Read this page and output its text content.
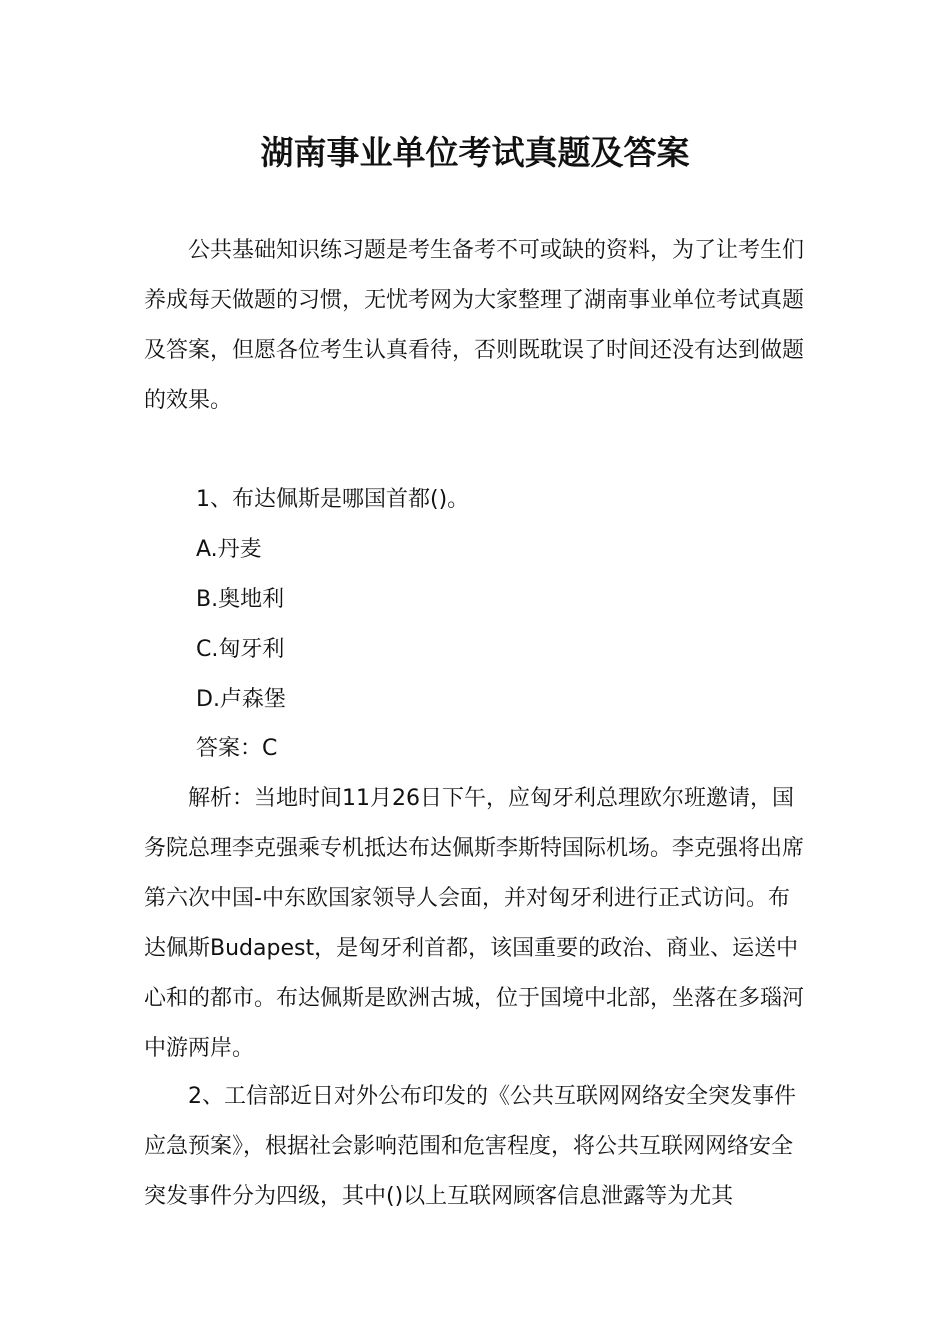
湖南事业单位考试真题及答案

公共基础知识练习题是考生备考不可或缺的资料，为了让考生们养成每天做题的习惯，无忧考网为大家整理了湖南事业单位考试真题及答案，但愿各位考生认真看待，否则既耽误了时间还没有达到做题的效果。

1、布达佩斯是哪国首都()。

A.丹麦

B.奥地利

C.匈牙利

D.卢森堡

答案：C

解析：当地时间11月26日下午，应匈牙利总理欧尔班邀请，国务院总理李克强乘专机抵达布达佩斯李斯特国际机场。李克强将出席第六次中国-中东欧国家领导人会面，并对匈牙利进行正式访问。布达佩斯Budapest，是匈牙利首都，该国重要的政治、商业、运送中心和的都市。布达佩斯是欧洲古城，位于国境中北部，坐落在多瑙河中游两岸。

2、工信部近日对外公布印发的《公共互联网网络安全突发事件应急预案》，根据社会影响范围和危害程度，将公共互联网网络安全突发事件分为四级，其中()以上互联网顾客信息泄露等为尤其
